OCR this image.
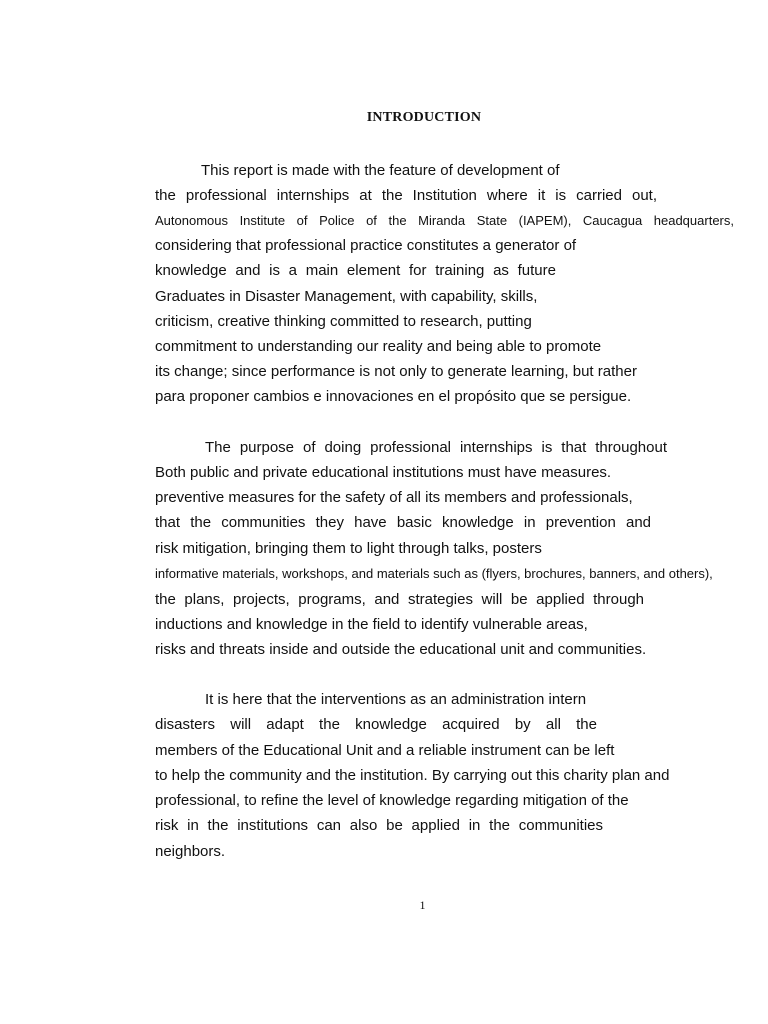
INTRODUCTION
This report is made with the feature of development of
the professional internships at the Institution where it is carried out,
Autonomous Institute of Police of the Miranda State (IAPEM), Caucagua headquarters,
considering that professional practice constitutes a generator of
knowledge and is a main element for training as future
Graduates in Disaster Management, with capability, skills,
criticism, creative thinking committed to research, putting
commitment to understanding our reality and being able to promote
its change; since performance is not only to generate learning, but rather
para proponer cambios e innovaciones en el propósito que se persigue.
The purpose of doing professional internships is that throughout
Both public and private educational institutions must have measures.
preventive measures for the safety of all its members and professionals,
that the communities they have basic knowledge in prevention and
risk mitigation, bringing them to light through talks, posters
informative materials, workshops, and materials such as (flyers, brochures, banners, and others),
the plans, projects, programs, and strategies will be applied through
inductions and knowledge in the field to identify vulnerable areas,
risks and threats inside and outside the educational unit and communities.
It is here that the interventions as an administration intern
disasters will adapt the knowledge acquired by all the
members of the Educational Unit and a reliable instrument can be left
to help the community and the institution. By carrying out this charity plan and
professional, to refine the level of knowledge regarding mitigation of the
risk in the institutions can also be applied in the communities
neighbors.
1
